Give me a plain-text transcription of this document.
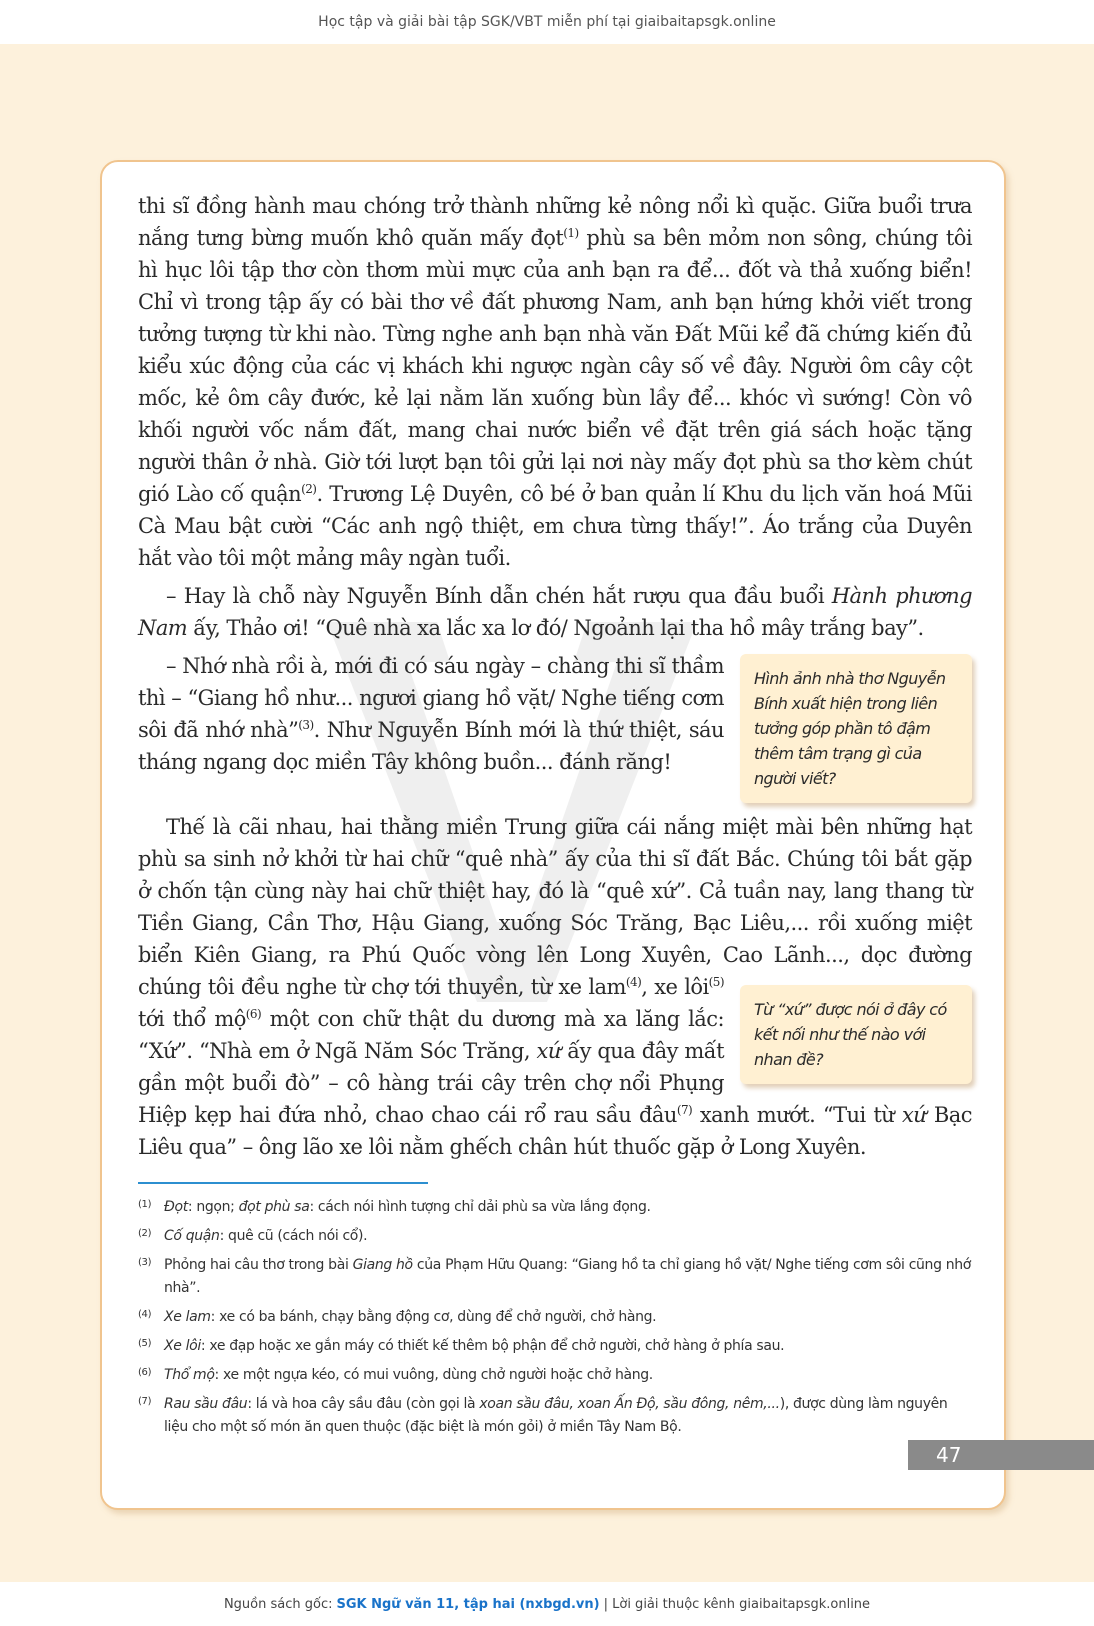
Học tập và giải bài tập SGK/VBT miễn phí tại giaibaitapsgk.online

thi sĩ đồng hành mau chóng trở thành những kẻ nông nổi kì quặc. Giữa buổi trưa nắng tưng bừng muốn khô quăn mấy đọt$^{(1)}$ phù sa bên mỏm non sông, chúng tôi hì hục lôi tập thơ còn thơm mùi mực của anh bạn ra để... đốt và thả xuống biển! Chỉ vì trong tập ấy có bài thơ về đất phương Nam, anh bạn hứng khởi viết trong tưởng tượng từ khi nào. Từng nghe anh bạn nhà văn Đất Mũi kể đã chứng kiến đủ kiểu xúc động của các vị khách khi ngược ngàn cây số về đây. Người ôm cây cột mốc, kẻ ôm cây đước, kẻ lại nằm lăn xuống bùn lầy để... khóc vì sướng! Còn vô khối người vốc nắm đất, mang chai nước biển về đặt trên giá sách hoặc tặng người thân ở nhà. Giờ tới lượt bạn tôi gửi lại nơi này mấy đọt phù sa thơ kèm chút gió Lào cố quận$^{(2)}$. Trương Lệ Duyên, cô bé ở ban quản lí Khu du lịch văn hoá Mũi Cà Mau bật cười “Các anh ngộ thiệt, em chưa từng thấy!”. Áo trắng của Duyên hắt vào tôi một mảng mây ngàn tuổi.

– Hay là chỗ này Nguyễn Bính dẫn chén hắt rượu qua đầu buổi Hành phương Nam ấy, Thảo ơi! “Quê nhà xa lắc xa lơ đó/ Ngoảnh lại tha hồ mây trắng bay”.

Hình ảnh nhà thơ Nguyễn Bính xuất hiện trong liên tưởng góp phần tô đậm thêm tâm trạng gì của người viết?
– Nhớ nhà rồi à, mới đi có sáu ngày – chàng thi sĩ thầm thì – “Giang hồ như... ngươi giang hồ vặt/ Nghe tiếng cơm sôi đã nhớ nhà”$^{(3)}$. Như Nguyễn Bính mới là thứ thiệt, sáu tháng ngang dọc miền Tây không buồn... đánh răng!

Thế là cãi nhau, hai thằng miền Trung giữa cái nắng miệt mài bên những hạt phù sa sinh nở khởi từ hai chữ “quê nhà” ấy của thi sĩ đất Bắc. Chúng tôi bắt gặp ở chốn tận cùng này hai chữ thiệt hay, đó là “quê xứ”. Cả tuần nay, lang thang từ Tiền Giang, Cần Thơ, Hậu Giang, xuống Sóc Trăng, Bạc Liêu,... rồi xuống miệt biển Kiên Giang, ra Phú Quốc vòng lên Long Xuyên, Cao Lãnh..., dọc đường chúng tôi đều nghe từ chợ tới thuyền, từ xe lam
Từ “xứ” được nói ở đây có kết nối như thế nào với nhan đề?
$^{(4)}$, xe lôi$^{(5)}$ tới thổ mộ$^{(6)}$ một con chữ thật du dương mà xa lăng lắc: “Xứ”. “Nhà em ở Ngã Năm Sóc Trăng, xứ ấy qua đây mất gần một buổi đò” – cô hàng trái cây trên chợ nổi Phụng Hiệp kẹp hai đứa nhỏ, chao chao cái rổ rau sầu đâu$^{(7)}$ xanh mướt. “Tui từ xứ Bạc Liêu qua” – ông lão xe lôi nằm ghếch chân hút thuốc gặp ở Long Xuyên.

(1) Đọt: ngọn; đọt phù sa: cách nói hình tượng chỉ dải phù sa vừa lắng đọng.
(2) Cố quận: quê cũ (cách nói cổ).
(3) Phỏng hai câu thơ trong bài Giang hồ của Phạm Hữu Quang: “Giang hồ ta chỉ giang hồ vặt/ Nghe tiếng cơm sôi cũng nhớ nhà”.
(4) Xe lam: xe có ba bánh, chạy bằng động cơ, dùng để chở người, chở hàng.
(5) Xe lôi: xe đạp hoặc xe gắn máy có thiết kế thêm bộ phận để chở người, chở hàng ở phía sau.
(6) Thổ mộ: xe một ngựa kéo, có mui vuông, dùng chở người hoặc chở hàng.
(7) Rau sầu đâu: lá và hoa cây sầu đâu (còn gọi là xoan sầu đâu, xoan Ấn Độ, sầu đông, nêm,...), được dùng làm nguyên liệu cho một số món ăn quen thuộc (đặc biệt là món gỏi) ở miền Tây Nam Bộ.
47
Nguồn sách gốc: SGK Ngữ văn 11, tập hai (nxbgd.vn) | Lời giải thuộc kênh giaibaitapsgk.online
